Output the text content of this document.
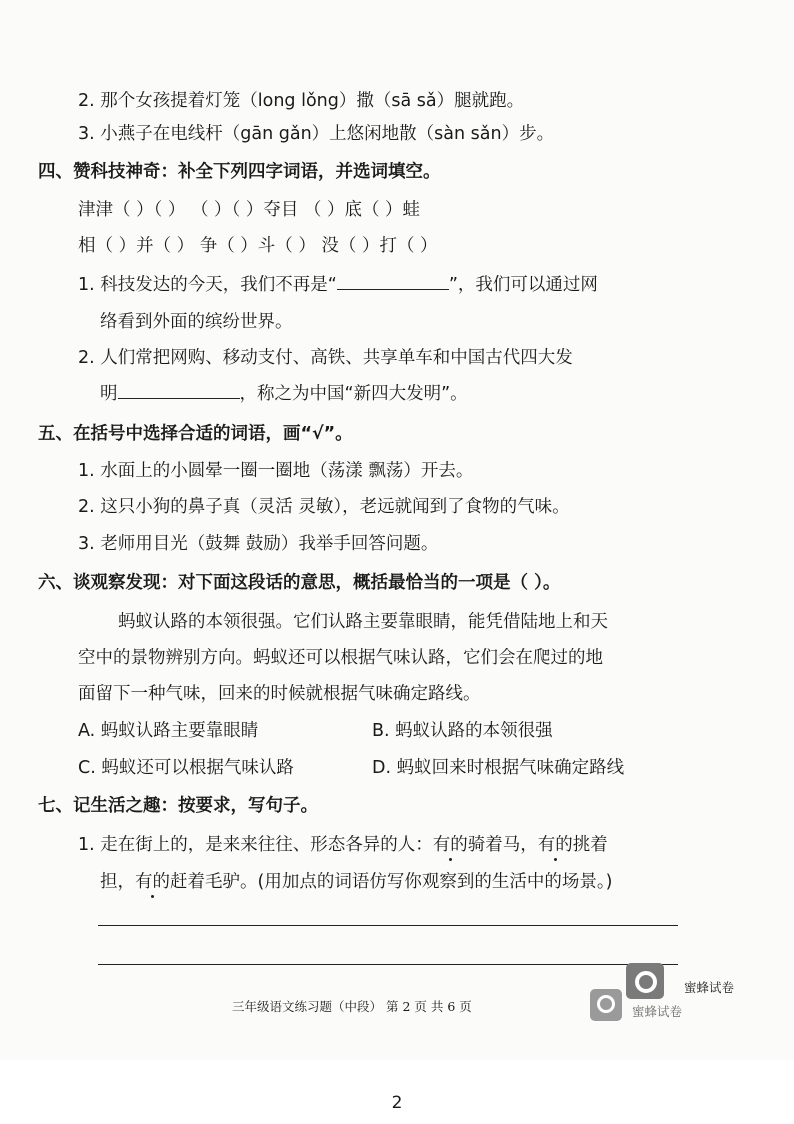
2. 那个女孩提着灯笼（long lǒng）撒（sā sǎ）腿就跑。
3. 小燕子在电线杆（gān gǎn）上悠闲地散（sàn sǎn）步。
四、赞科技神奇：补全下列四字词语，并选词填空。
津津（ ）（ ） （ ）（ ）夺目 （ ）底（ ）蛙
相（ ）并（ ） 争（ ）斗（ ） 没（ ）打（ ）
1. 科技发达的今天，我们不再是“	”，我们可以通过网
络看到外面的缤纷世界。
2. 人们常把网购、移动支付、高铁、共享单车和中国古代四大发
明	，称之为中国“新四大发明”。
五、在括号中选择合适的词语，画“√”。
1. 水面上的小圆晕一圈一圈地（荡漾 飘荡）开去。
2. 这只小狗的鼻子真（灵活 灵敏），老远就闻到了食物的气味。
3. 老师用目光（鼓舞 鼓励）我举手回答问题。
六、谈观察发现：对下面这段话的意思，概括最恰当的一项是（ ）。
蚂蚁认路的本领很强。它们认路主要靠眼睛，能凭借陆地上和天
空中的景物辨别方向。蚂蚁还可以根据气味认路，它们会在爬过的地
面留下一种气味，回来的时候就根据气味确定路线。
A. 蚂蚁认路主要靠眼睛	B. 蚂蚁认路的本领很强
C. 蚂蚁还可以根据气味认路	D. 蚂蚁回来时根据气味确定路线
七、记生活之趣：按要求，写句子。
1. 走在街上的，是来来往往、形态各异的人：有的骑着马，有的挑着
担，有的赶着毛驴。(用加点的词语仿写你观察到的生活中的场景。)
三年级语文练习题（中段） 第 2 页 共 6 页
蜜蜂试卷
蜜蜂试卷
2
